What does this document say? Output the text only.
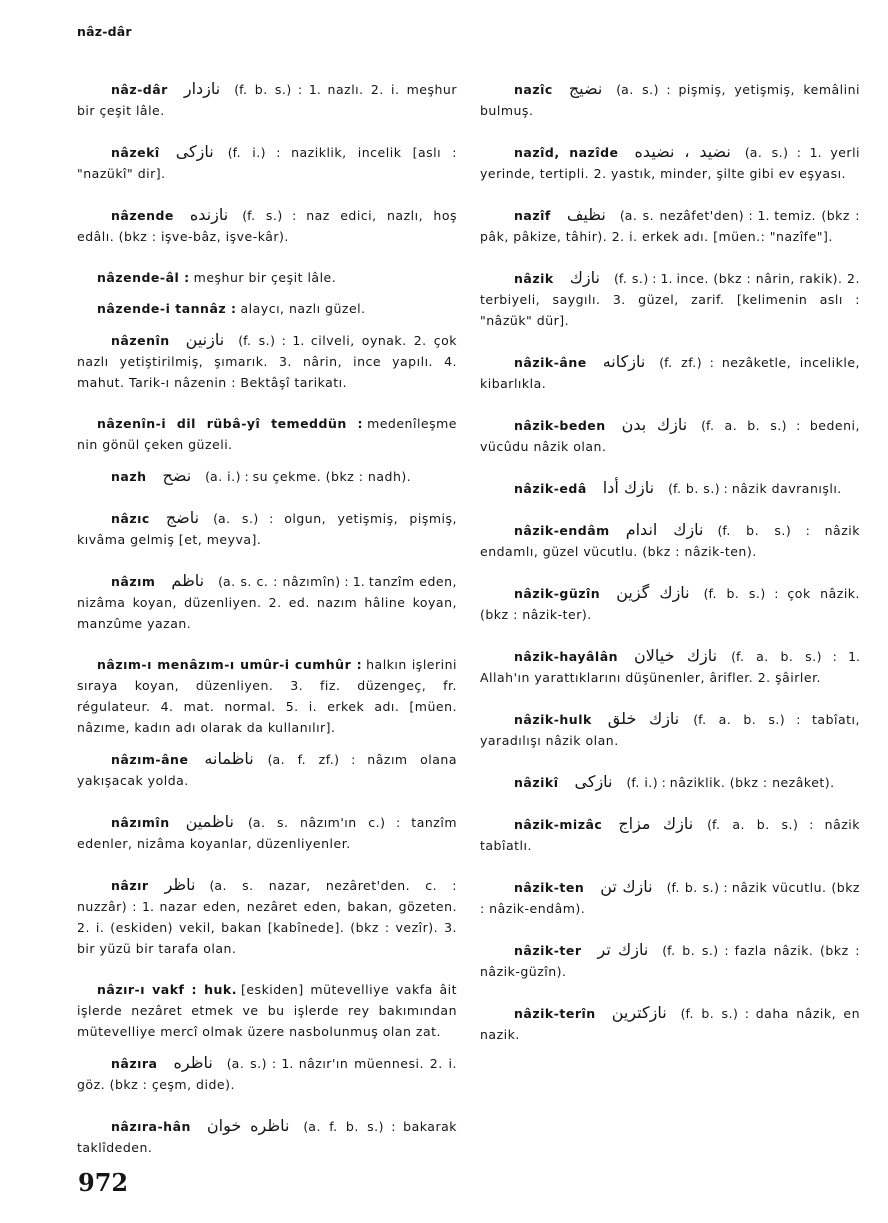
nâz-dâr
nâz-dâr نازدار (f. b. s.) : 1. nazlı. 2. i. meşhur bir çeşit lâle.
nâzekî نازکی (f. i.) : naziklik, incelik [aslı : "nazükî" dir].
nâzende نازنده (f. s.) : naz edici, nazlı, hoş edâlı. (bkz : işve-bâz, işve-kâr).
nâzende-âl : meşhur bir çeşit lâle.
nâzende-i tannâz : alaycı, nazlı güzel.
nâzenîn نازنین (f. s.) : 1. cilveli, oynak. 2. çok nazlı yetiştirilmiş, şımarık. 3. nârin, ince yapılı. 4. mahut. Tarik-ı nâzenin : Bektâşî tarikatı.
nâzenîn-i dil rübâ-yî temeddün : medenîleşme nin gönül çeken güzeli.
nazh نضح (a. i.) : su çekme. (bkz : nadh).
nâzıc ناضج (a. s.) : olgun, yetişmiş, pişmiş, kıvâma gelmiş [et, meyva].
nâzım ناظم (a. s. c. : nâzımîn) : 1. tanzîm eden, nizâma koyan, düzenliyen. 2. ed. nazım hâline koyan, manzûme yazan.
nâzım-ı menâzım-ı umûr-i cumhûr : halkın işlerini sıraya koyan, düzenliyen. 3. fiz. düzengeç, fr. régulateur. 4. mat. normal. 5. i. erkek adı. [müen. nâzıme, kadın adı olarak da kullanılır].
nâzım-âne ناظمانه (a. f. zf.) : nâzım olana yakışacak yolda.
nâzımîn ناظمین (a. s. nâzım'ın c.) : tanzîm edenler, nizâma koyanlar, düzenliyenler.
nâzır ناظر (a. s. nazar, nezâret'den. c. : nuzzâr) : 1. nazar eden, nezâret eden, bakan, gözeten. 2. i. (eskiden) vekil, bakan [kabînede]. (bkz : vezîr). 3. bir yüzü bir tarafa olan.
nâzır-ı vakf : huk. [eskiden] mütevelliye vakfa âit işlerde nezâret etmek ve bu işlerde rey bakımından mütevelliye mercî olmak üzere nasbolunmuş olan zat.
nâzıra ناظره (a. s.) : 1. nâzır'ın müennesi. 2. i. göz. (bkz : çeşm, dide).
nâzıra-hân ناظره خوان (a. f. b. s.) : bakarak taklîdeden.
nazîc نضیج (a. s.) : pişmiş, yetişmiş, kemâlini bulmuş.
nazîd, nazîde نضید ، نضیده (a. s.) : 1. yerli yerinde, tertipli. 2. yastık, minder, şilte gibi ev eşyası.
nazîf نظیف (a. s. nezâfet'den) : 1. temiz. (bkz : pâk, pâkize, tâhir). 2. i. erkek adı. [müen.: "nazîfe"].
nâzik نازك (f. s.) : 1. ince. (bkz : nârin, rakik). 2. terbiyeli, saygılı. 3. güzel, zarif. [kelimenin aslı : "nâzük" dür].
nâzik-âne نازکانه (f. zf.) : nezâketle, incelikle, kibarlıkla.
nâzik-beden نازك بدن (f. a. b. s.) : bedeni, vücûdu nâzik olan.
nâzik-edâ نازك أدا (f. b. s.) : nâzik davranışlı.
nâzik-endâm نازك اندام (f. b. s.) : nâzik endamlı, güzel vücutlu. (bkz : nâzik-ten).
nâzik-güzîn نازك گزین (f. b. s.) : çok nâzik. (bkz : nâzik-ter).
nâzik-hayâlân نازك خیالان (f. a. b. s.) : 1. Allah'ın yarattıklarını düşünenler, ârifler. 2. şâirler.
nâzik-hulk نازك خلق (f. a. b. s.) : tabîatı, yaradılışı nâzik olan.
nâzikî نازکی (f. i.) : nâziklik. (bkz : nezâket).
nâzik-mizâc نازك مزاج (f. a. b. s.) : nâzik tabîatlı.
nâzik-ten نازك تن (f. b. s.) : nâzik vücutlu. (bkz : nâzik-endâm).
nâzik-ter نازك تر (f. b. s.) : fazla nâzik. (bkz : nâzik-güzîn).
nâzik-terîn نازکترین (f. b. s.) : daha nâzik, en nazik.
972
